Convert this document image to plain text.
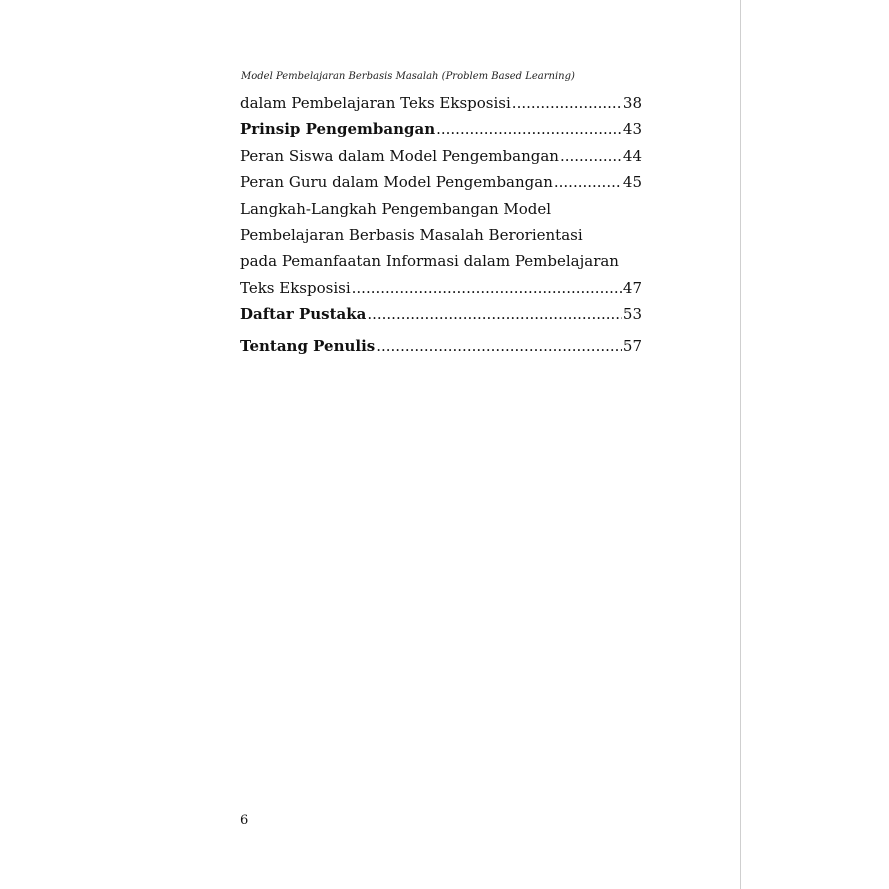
Model Pembelajaran Berbasis Masalah (Problem Based Learning)
dalam Pembelajaran Teks Eksposisi .....	38
Prinsip Pengembangan .....	43
Peran Siswa dalam Model Pengembangan .....	44
Peran Guru dalam Model Pengembangan .....	45
Langkah-Langkah Pengembangan Model
Pembelajaran Berbasis Masalah Berorientasi
pada Pemanfaatan Informasi dalam Pembelajaran
Teks Eksposisi .....	47
Daftar Pustaka .....	53
Tentang Penulis .....	57
6
